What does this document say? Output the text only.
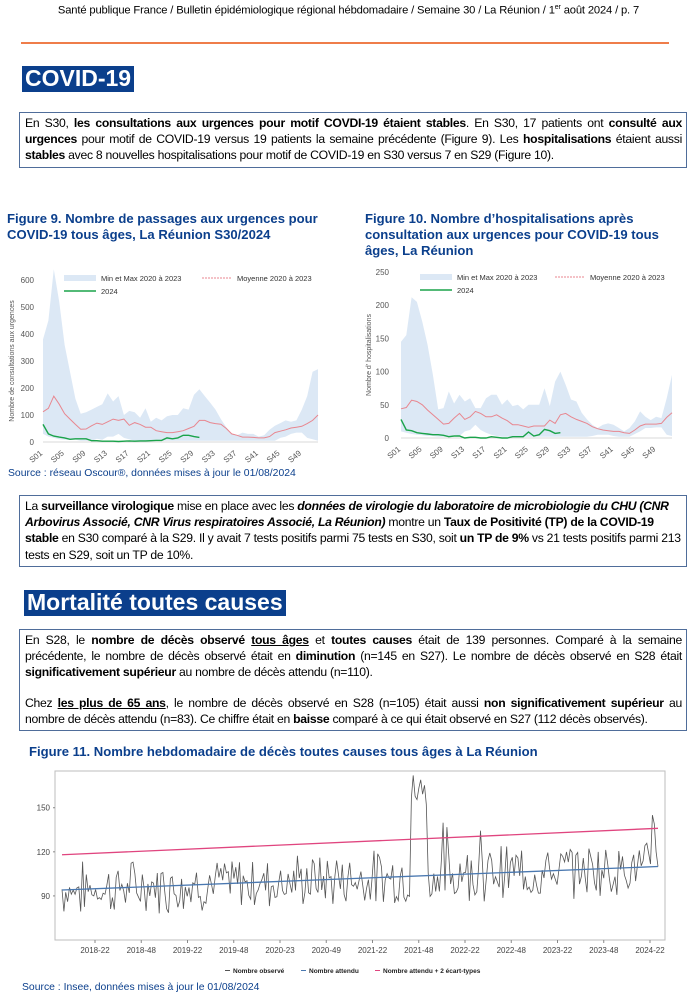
Santé publique France / Bulletin épidémiologique régional hébdomadaire / Semaine 30 / La Réunion / 1er août 2024 / p. 7
COVID-19

En S30, les consultations aux urgences pour motif COVDI-19 étaient stables. En S30, 17 patients ont consulté aux urgences pour motif de COVID-19 versus 19 patients la semaine précédente (Figure 9). Les hospitalisations étaient aussi stables avec 8 nouvelles hospitalisations pour motif de COVID-19 en S30 versus 7 en S29 (Figure 10).

Figure 9. Nombre de passages aux urgences pour COVID-19 tous âges, La Réunion S30/2024
Figure 10. Nombre d’hospitalisations après consultation aux urgences pour COVID-19 tous âges, La Réunion
0
100
200
300
400
500
600
Nombre de consultations aux urgences
S01 S05 S09 S13 S17 S21 S25 S29 S33 S37 S41 S45 S49
Min et Max 2020 à 2023	Moyenne 2020 à 2023
2024
0
50
100
150
200
250
Nombre d' hospitalisations
S01 S05 S09 S13 S17 S21 S25 S29 S33 S37 S41 S45 S49
Min et Max 2020 à 2023	Moyenne 2020 à 2023
2024
Source : réseau Oscour®, données mises à jour le 01/08/2024

La surveillance virologique mise en place avec les données de virologie du laboratoire de microbiologie du CHU (CNR Arbovirus Associé, CNR Virus respiratoires Associé, La Réunion) montre un Taux de Positivité (TP) de la COVID-19 stable en S30 comparé à la S29. Il y avait 7 tests positifs parmi 75 tests en S30, soit un TP de 9% vs 21 tests positifs parmi 213 tests en S29, soit un TP de 10%.

Mortalité toutes causes

En S28, le nombre de décès observé tous âges et toutes causes était de 139 personnes. Comparé à la semaine précédente, le nombre de décès observé était en diminution (n=145 en S27). Le nombre de décès observé en S28 était significativement supérieur au nombre de décès attendu (n=110).

Chez les plus de 65 ans, le nombre de décès observé en S28 (n=105) était aussi non significativement supérieur au nombre de décès attendu (n=83). Ce chiffre était en baisse comparé à ce qui était observé en S27 (112 décès observés).

Figure 11. Nombre hebdomadaire de décès toutes causes tous âges à La Réunion
90
120
150
2018-22 2018-48 2019-22 2019-48 2020-23 2020-49 2021-22 2021-48 2022-22 2022-48 2023-22 2023-48 2024-22
Nombre observé	Nombre attendu	Nombre attendu + 2 écart-types
Source : Insee, données mises à jour le 01/08/2024
